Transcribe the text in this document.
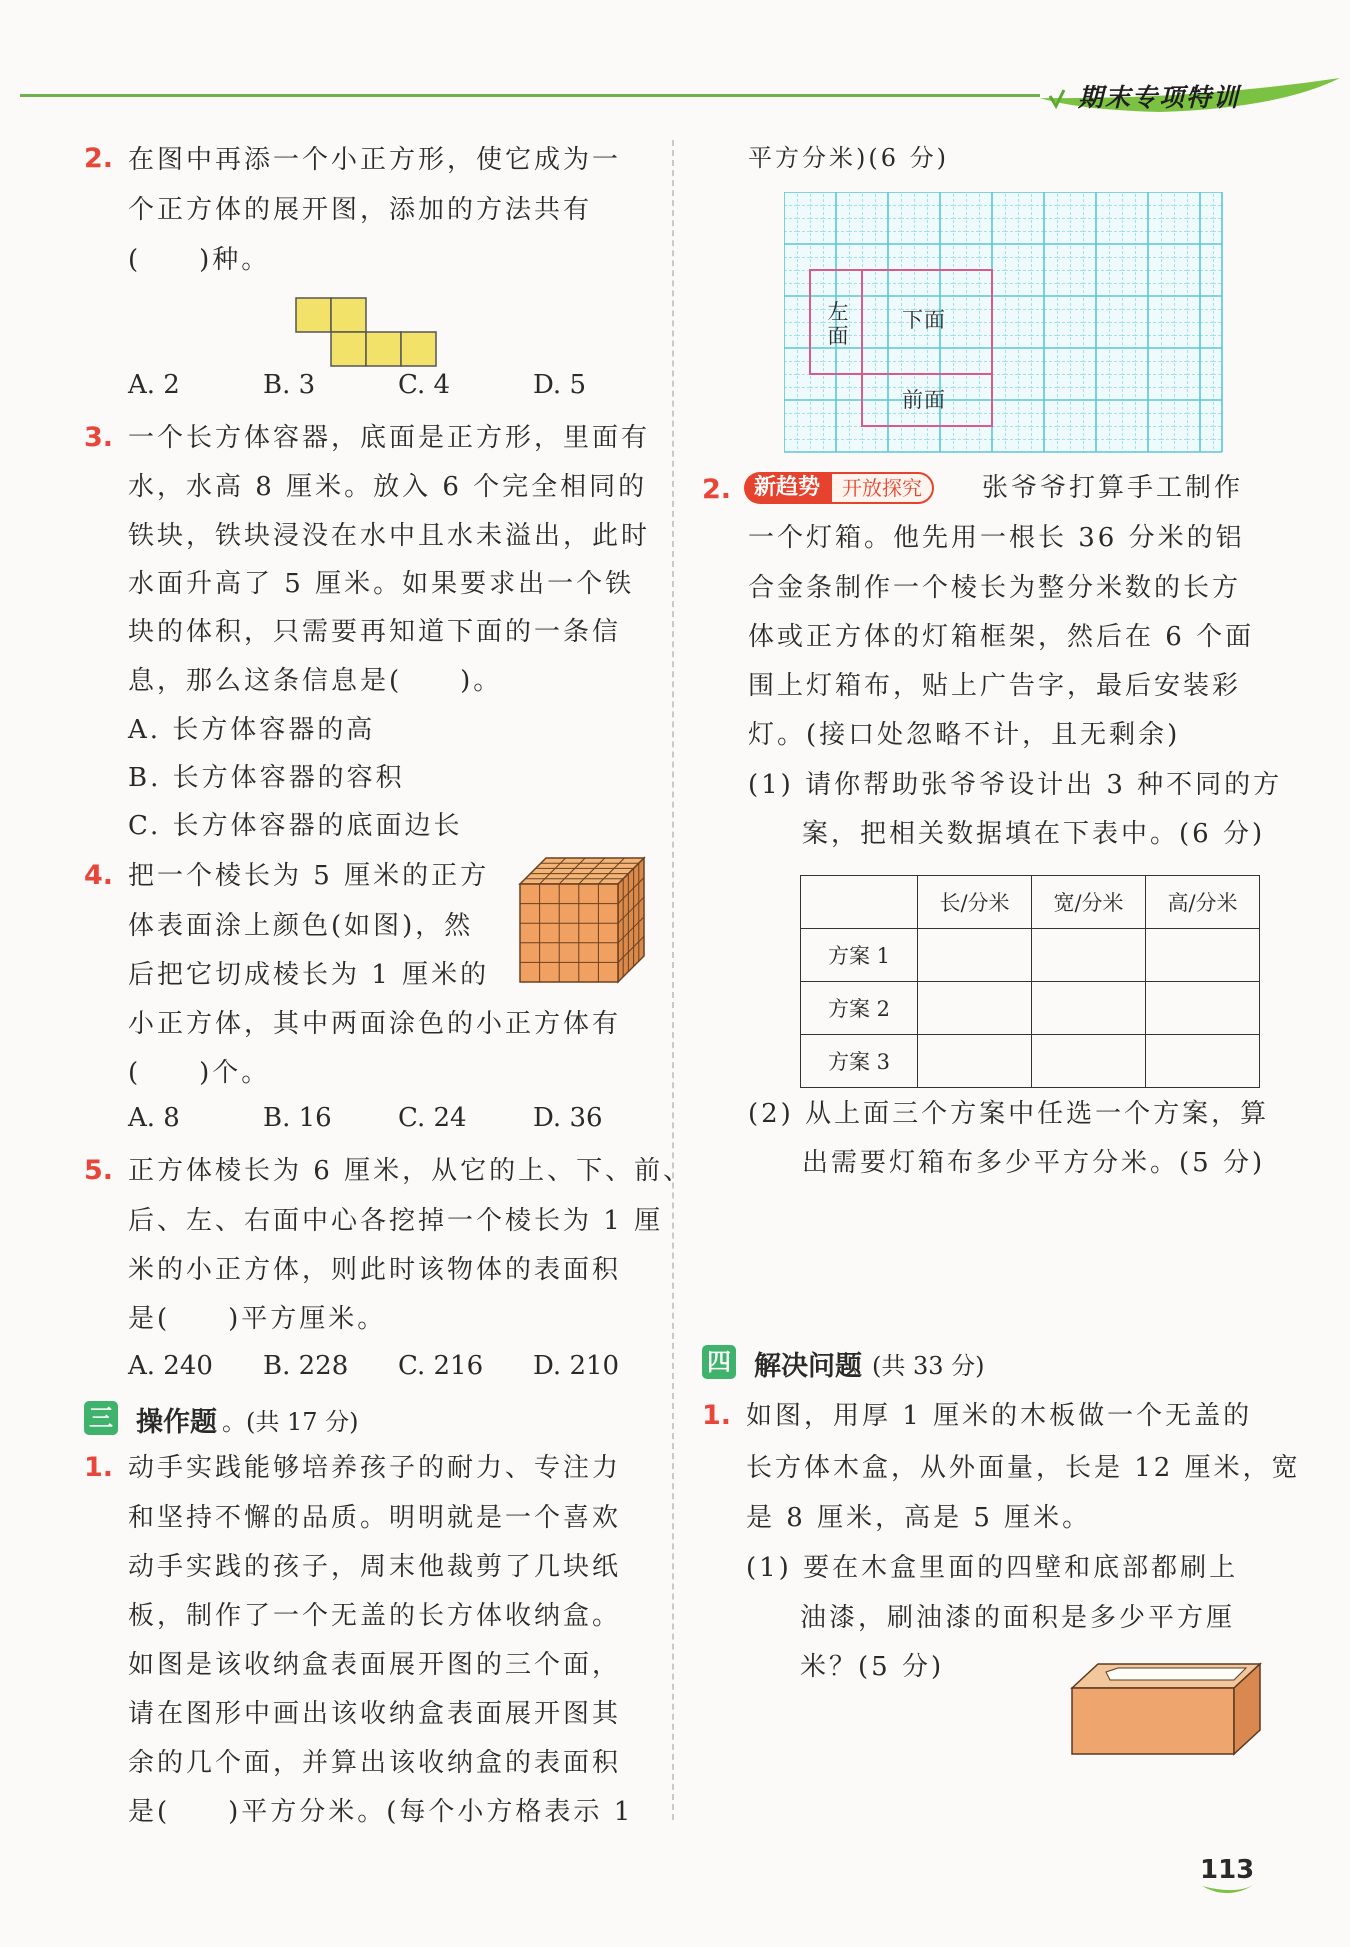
期末专项特训
2. 在图中再添一个小正方形，使它成为一
个正方体的展开图，添加的方法共有
(　　)种。
A. 2	B. 3	C. 4	D. 5
3. 一个长方体容器，底面是正方形，里面有
水，水高 8 厘米。放入 6 个完全相同的
铁块，铁块浸没在水中且水未溢出，此时
水面升高了 5 厘米。如果要求出一个铁
块的体积，只需要再知道下面的一条信
息，那么这条信息是(　　)。
A. 长方体容器的高
B. 长方体容器的容积
C. 长方体容器的底面边长
4. 把一个棱长为 5 厘米的正方
体表面涂上颜色(如图)，然
后把它切成棱长为 1 厘米的
小正方体，其中两面涂色的小正方体有
(　　)个。
A. 8	B. 16	C. 24	D. 36
5. 正方体棱长为 6 厘米，从它的上、下、前、
后、左、右面中心各挖掉一个棱长为 1 厘
米的小正方体，则此时该物体的表面积
是(　　)平方厘米。
A. 240	B. 228	C. 216	D. 210
三 操作题 。(共 17 分)
1. 动手实践能够培养孩子的耐力、专注力
和坚持不懈的品质。明明就是一个喜欢
动手实践的孩子，周末他裁剪了几块纸
板，制作了一个无盖的长方体收纳盒。
如图是该收纳盒表面展开图的三个面，
请在图形中画出该收纳盒表面展开图其
余的几个面，并算出该收纳盒的表面积
是(　　)平方分米。(每个小方格表示 1
平方分米)(6 分)
左面
下面
前面
2.	新趋势	开放探究	张爷爷打算手工制作
一个灯箱。他先用一根长 36 分米的铝
合金条制作一个棱长为整分米数的长方
体或正方体的灯箱框架，然后在 6 个面
围上灯箱布，贴上广告字，最后安装彩
灯。(接口处忽略不计，且无剩余)
(1) 请你帮助张爷爷设计出 3 种不同的方
案，把相关数据填在下表中。(6 分)
	长/分米	宽/分米	高/分米
方案 1			
方案 2			
方案 3			
(2) 从上面三个方案中任选一个方案，算
出需要灯箱布多少平方分米。(5 分)
四 解决问题
。(共 33 分)
1. 如图，用厚 1 厘米的木板做一个无盖的
长方体木盒，从外面量，长是 12 厘米，宽
是 8 厘米，高是 5 厘米。
(1) 要在木盒里面的四壁和底部都刷上
油漆，刷油漆的面积是多少平方厘
米？(5 分)
113
